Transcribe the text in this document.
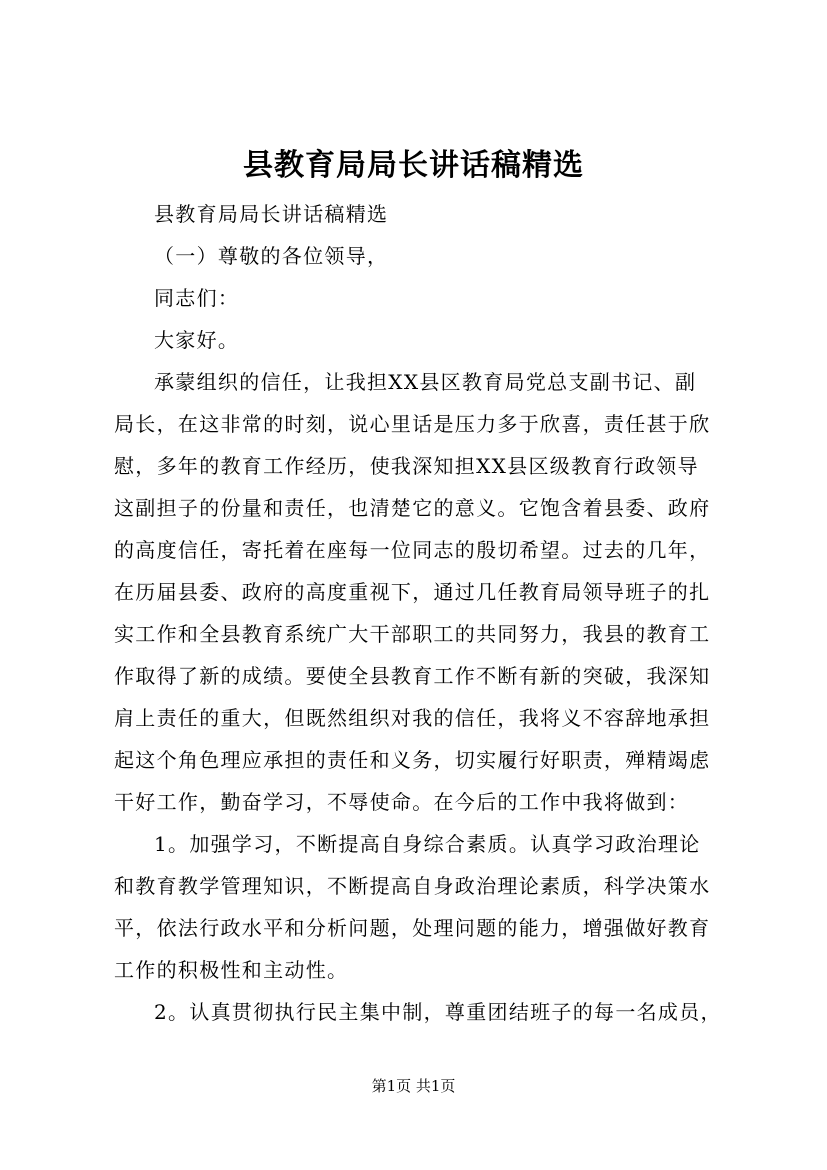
县教育局局长讲话稿精选

县教育局局长讲话稿精选

（一）尊敬的各位领导，

同志们：

大家好。

承蒙组织的信任，让我担XX县区教育局党总支副书记、副
局长，在这非常的时刻，说心里话是压力多于欣喜，责任甚于欣
慰，多年的教育工作经历，使我深知担XX县区级教育行政领导
这副担子的份量和责任，也清楚它的意义。它饱含着县委、政府
的高度信任，寄托着在座每一位同志的殷切希望。过去的几年，
在历届县委、政府的高度重视下，通过几任教育局领导班子的扎
实工作和全县教育系统广大干部职工的共同努力，我县的教育工
作取得了新的成绩。要使全县教育工作不断有新的突破，我深知
肩上责任的重大，但既然组织对我的信任，我将义不容辞地承担
起这个角色理应承担的责任和义务，切实履行好职责，殚精竭虑
干好工作，勤奋学习，不辱使命。在今后的工作中我将做到：

1。加强学习，不断提高自身综合素质。认真学习政治理论
和教育教学管理知识，不断提高自身政治理论素质，科学决策水
平，依法行政水平和分析问题，处理问题的能力，增强做好教育
工作的积极性和主动性。

2。认真贯彻执行民主集中制，尊重团结班子的每一名成员，

第1页 共1页
